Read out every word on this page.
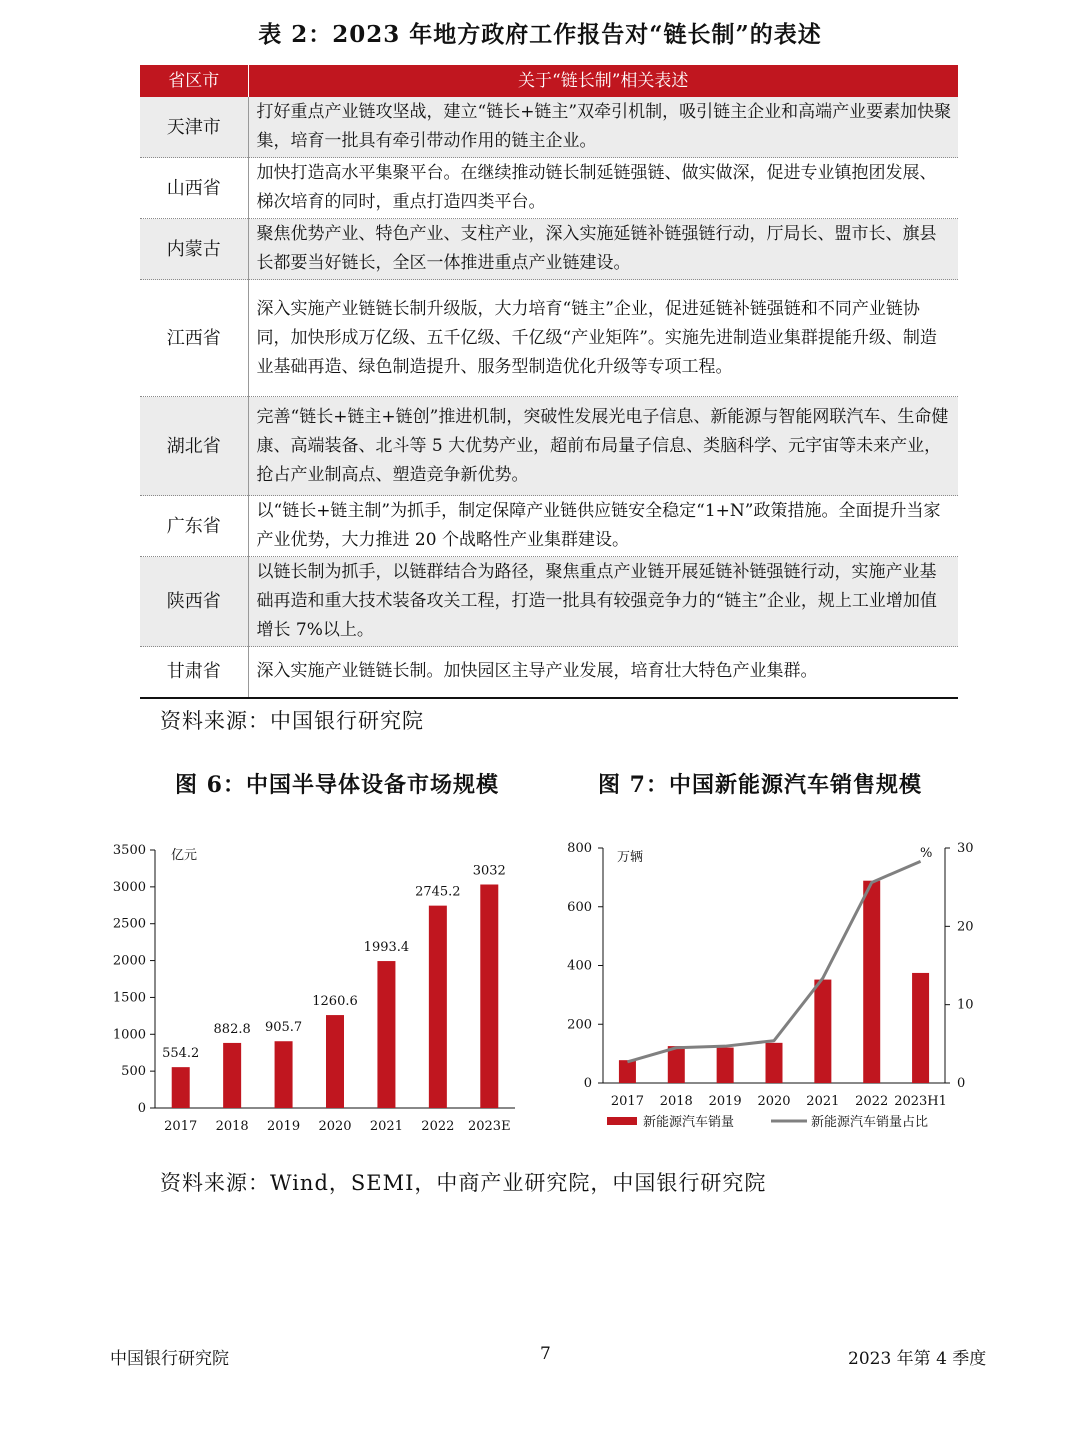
表 2：2023 年地方政府工作报告对“链长制”的表述
省区市	关于“链长制”相关表述
天津市	打好重点产业链攻坚战，建立“链长+链主”双牵引机制，吸引链主企业和高端产业要素加快聚集，培育一批具有牵引带动作用的链主企业。
山西省	加快打造高水平集聚平台。在继续推动链长制延链强链、做实做深，促进专业镇抱团发展、梯次培育的同时，重点打造四类平台。
内蒙古	聚焦优势产业、特色产业、支柱产业，深入实施延链补链强链行动，厅局长、盟市长、旗县长都要当好链长，全区一体推进重点产业链建设。
江西省	深入实施产业链链长制升级版，大力培育“链主”企业，促进延链补链强链和不同产业链协同，加快形成万亿级、五千亿级、千亿级“产业矩阵”。实施先进制造业集群提能升级、制造业基础再造、绿色制造提升、服务型制造优化升级等专项工程。
湖北省	完善“链长+链主+链创”推进机制，突破性发展光电子信息、新能源与智能网联汽车、生命健康、高端装备、北斗等 5 大优势产业，超前布局量子信息、类脑科学、元宇宙等未来产业，抢占产业制高点、塑造竞争新优势。
广东省	以“链长+链主制”为抓手，制定保障产业链供应链安全稳定“1+N”政策措施。全面提升当家产业优势，大力推进 20 个战略性产业集群建设。
陕西省	以链长制为抓手，以链群结合为路径，聚焦重点产业链开展延链补链强链行动，实施产业基础再造和重大技术装备攻关工程，打造一批具有较强竞争力的“链主”企业，规上工业增加值增长 7%以上。
甘肃省	深入实施产业链链长制。加快园区主导产业发展，培育壮大特色产业集群。
资料来源：中国银行研究院
图 6：中国半导体设备市场规模	图 7：中国新能源汽车销售规模
0
500
1000
1500
2000
2500
3000
3500 亿元
554.2
2017
882.8
2018
905.7
2019
1260.6
2020
1993.4
2021
2745.2
2022
3032
2023E
0
200
400
600
800
0
10
20
30
万辆	%
2017 2018 2019 2020 2021 2022 2023H1
新能源汽车销量	新能源汽车销量占比
资料来源：Wind，SEMI，中商产业研究院，中国银行研究院
中国银行研究院	7	2023 年第 4 季度
